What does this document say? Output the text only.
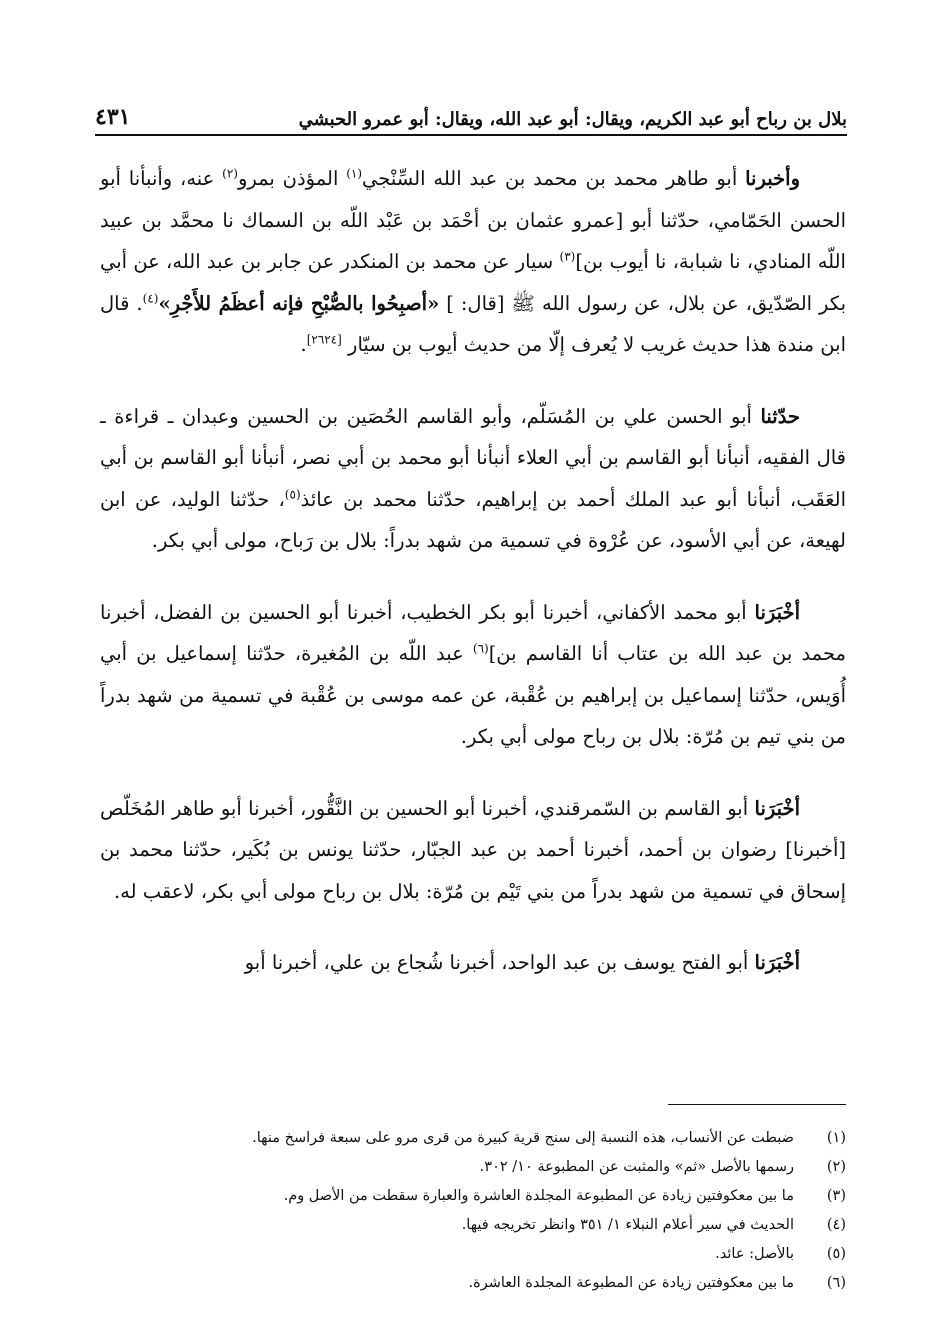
بلال بن رباح أبو عبد الكريم، ويقال: أبو عبد الله، ويقال: أبو عمرو الحبشي
٤٣١

وأخبرنا أبو طاهر محمد بن محمد بن عبد الله السِّنْجي$^{(١)}$ المؤذن بمرو$^{(٢)}$ عنه، وأنبأنا أبو الحسن الحَمّامي، حدّثنا أبو [عمرو عثمان بن أحْمَد بن عَبْد اللّه بن السماك نا محمَّد بن عبيد اللّه المنادي، نا شبابة، نا أيوب بن]$^{(٣)}$ سيار عن محمد بن المنكدر عن جابر بن عبد الله، عن أبي بكر الصّدّيق، عن بلال، عن رسول الله ﷺ [قال: ] «أصبِحُوا بالصُّبْحِ فإنه أعظَمُ للأَجْرِ»$^{(٤)}$. قال ابن مندة هذا حديث غريب لا يُعرف إلّا من حديث أيوب بن سيّار [٢٦٢٤].

حدّثنا أبو الحسن علي بن المُسَلّم، وأبو القاسم الحُصَين بن الحسين وعبدان ـ قراءة ـ قال الفقيه، أنبأنا أبو القاسم بن أبي العلاء أنبأنا أبو محمد بن أبي نصر، أنبأنا أبو القاسم بن أبي العَقَب، أنبأنا أبو عبد الملك أحمد بن إبراهيم، حدّثنا محمد بن عائذ$^{(٥)}$، حدّثنا الوليد، عن ابن لهيعة، عن أبي الأسود، عن عُرْوة في تسمية من شهد بدراً: بلال بن رَباح، مولى أبي بكر.

أخْبَرَنا أبو محمد الأكفاني، أخبرنا أبو بكر الخطيب، أخبرنا أبو الحسين بن الفضل، أخبرنا محمد بن عبد الله بن عتاب أنا القاسم بن]$^{(٦)}$ عبد اللّه بن المُغيرة، حدّثنا إسماعيل بن أبي أُوَيس، حدّثنا إسماعيل بن إبراهيم بن عُقْبة، عن عمه موسى بن عُقْبة في تسمية من شهد بدراً من بني تيم بن مُرّة: بلال بن رباح مولى أبي بكر.

أخْبَرَنا أبو القاسم بن السّمرقندي، أخبرنا أبو الحسين بن النَّقُّور، أخبرنا أبو طاهر المُخَلّص [أخبرنا] رضوان بن أحمد، أخبرنا أحمد بن عبد الجبّار، حدّثنا يونس بن بُكَير، حدّثنا محمد بن إسحاق في تسمية من شهد بدراً من بني تَيْم بن مُرّة: بلال بن رباح مولى أبي بكر، لاعقب له.

أخْبَرَنا أبو الفتح يوسف بن عبد الواحد، أخبرنا شُجاع بن علي، أخبرنا أبو

(١)
ضبطت عن الأنساب، هذه النسبة إلى سنج قرية كبيرة من قرى مرو على سبعة فراسخ منها.
(٢)
رسمها بالأصل «ثم» والمثبت عن المطبوعة ١٠/ ٣٠٢.
(٣)
ما بين معكوفتين زيادة عن المطبوعة المجلدة العاشرة والعبارة سقطت من الأصل وم.
(٤)
الحديث في سير أعلام النبلاء ١/ ٣٥١ وانظر تخريجه فيها.
(٥)
بالأصل: عائد.
(٦)
ما بين معكوفتين زيادة عن المطبوعة المجلدة العاشرة.
